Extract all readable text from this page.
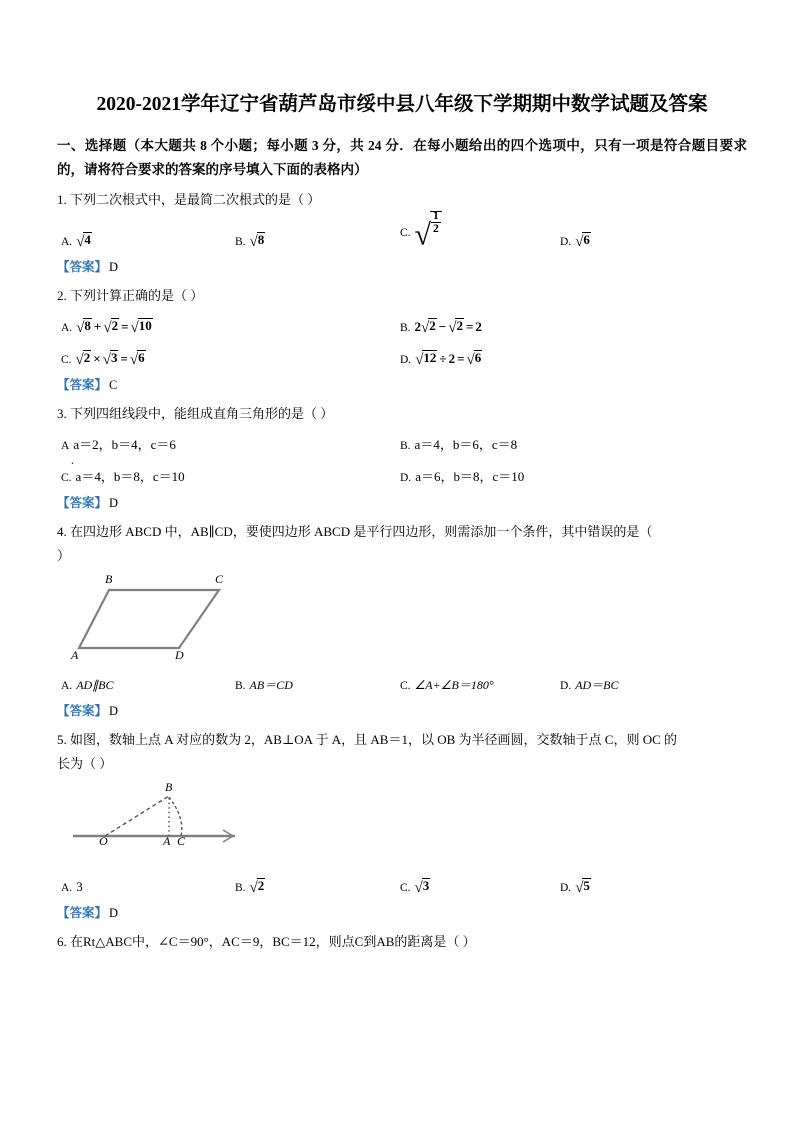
2020-2021学年辽宁省葫芦岛市绥中县八年级下学期期中数学试题及答案
一、选择题（本大题共 8 个小题；每小题 3 分，共 24 分．在每小题给出的四个选项中，只有一项是符合题目要求的，请将符合要求的答案的序号填入下面的表格内）
1. 下列二次根式中，是最简二次根式的是（ ）
A. √4	B. √8	C. √ $\frac{1}{2}$
D. √6
【答案】 D
2. 下列计算正确的是（ ）
A. √8 + √2 = √10	B. 2√2 − √2 = 2
C. √2 × √3 = √6	D. √12 ÷ 2 = √6
【答案】 C
3. 下列四组线段中，能组成直角三角形的是（ ）
A a＝2，b＝4，c＝6
.
B. a＝4，b＝6，c＝8
C. a＝4，b＝8，c＝10	D. a＝6，b＝8，c＝10
【答案】 D
4. 在四边形 ABCD 中，AB∥CD，要使四边形 ABCD 是平行四边形，则需添加一个条件，其中错误的是（
）
B	C
A	D
A. AD∥BC	B. AB＝CD	C. ∠A+∠B＝180°	D. AD＝BC
【答案】 D
5. 如图，数轴上点 A 对应的数为 2，AB⊥OA 于 A，且 AB＝1，以 OB 为半径画圆，交数轴于点 C，则 OC 的
长为（ ）
O	A C
B
A. 3	B. √2	C. √3	D. √5
【答案】 D
6. 在Rt△ABC中，∠C＝90°，AC＝9，BC＝12，则点C到AB的距离是（ ）
